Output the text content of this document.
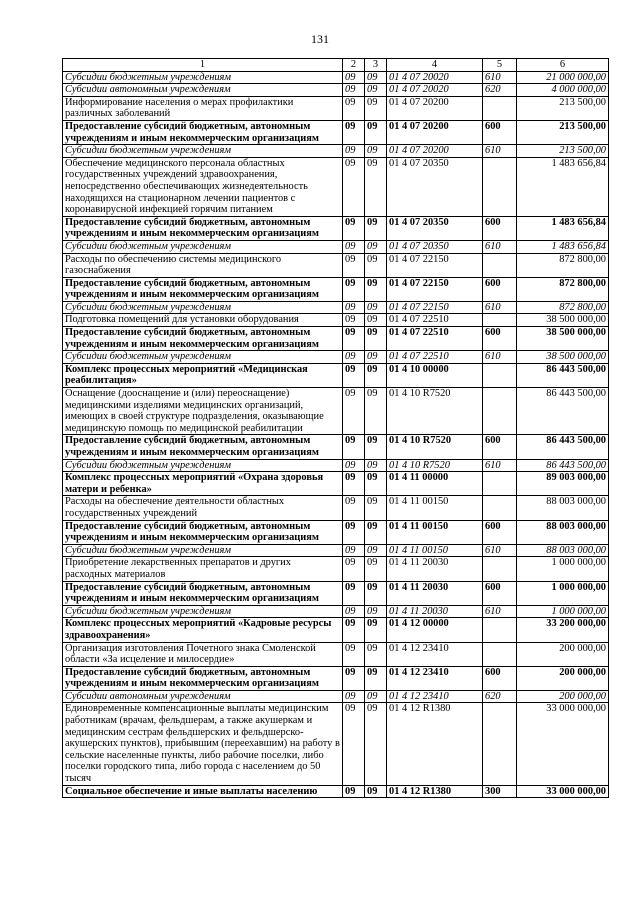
131
1	2	3	4	5	6
Субсидии бюджетным учреждениям	09	09	01 4 07 20020	610	21 000 000,00
Субсидии автономным учреждениям	09	09	01 4 07 20020	620	4 000 000,00
Информирование населения о мерах профилактики различных заболеваний	09	09	01 4 07 20200		213 500,00
Предоставление субсидий бюджетным, автономным учреждениям и иным некоммерческим организациям	09	09	01 4 07 20200	600	213 500,00
Субсидии бюджетным учреждениям	09	09	01 4 07 20200	610	213 500,00
Обеспечение медицинского персонала областных государственных учреждений здравоохранения, непосредственно обеспечивающих жизнедеятельность находящихся на стационарном лечении пациентов с коронавирусной инфекцией горячим питанием	09	09	01 4 07 20350		1 483 656,84
Предоставление субсидий бюджетным, автономным учреждениям и иным некоммерческим организациям	09	09	01 4 07 20350	600	1 483 656,84
Субсидии бюджетным учреждениям	09	09	01 4 07 20350	610	1 483 656,84
Расходы по обеспечению системы медицинского газоснабжения	09	09	01 4 07 22150		872 800,00
Предоставление субсидий бюджетным, автономным учреждениям и иным некоммерческим организациям	09	09	01 4 07 22150	600	872 800,00
Субсидии бюджетным учреждениям	09	09	01 4 07 22150	610	872 800,00
Подготовка помещений для установки оборудования	09	09	01 4 07 22510		38 500 000,00
Предоставление субсидий бюджетным, автономным учреждениям и иным некоммерческим организациям	09	09	01 4 07 22510	600	38 500 000,00
Субсидии бюджетным учреждениям	09	09	01 4 07 22510	610	38 500 000,00
Комплекс процессных мероприятий «Медицинская реабилитация»	09	09	01 4 10 00000		86 443 500,00
Оснащение (дооснащение и (или) переоснащение) медицинскими изделиями медицинских организаций, имеющих в своей структуре подразделения, оказывающие медицинскую помощь по медицинской реабилитации	09	09	01 4 10 R7520		86 443 500,00
Предоставление субсидий бюджетным, автономным учреждениям и иным некоммерческим организациям	09	09	01 4 10 R7520	600	86 443 500,00
Субсидии бюджетным учреждениям	09	09	01 4 10 R7520	610	86 443 500,00
Комплекс процессных мероприятий «Охрана здоровья матери и ребенка»	09	09	01 4 11 00000		89 003 000,00
Расходы на обеспечение деятельности областных государственных учреждений	09	09	01 4 11 00150		88 003 000,00
Предоставление субсидий бюджетным, автономным учреждениям и иным некоммерческим организациям	09	09	01 4 11 00150	600	88 003 000,00
Субсидии бюджетным учреждениям	09	09	01 4 11 00150	610	88 003 000,00
Приобретение лекарственных препаратов и других расходных материалов	09	09	01 4 11 20030		1 000 000,00
Предоставление субсидий бюджетным, автономным учреждениям и иным некоммерческим организациям	09	09	01 4 11 20030	600	1 000 000,00
Субсидии бюджетным учреждениям	09	09	01 4 11 20030	610	1 000 000,00
Комплекс процессных мероприятий «Кадровые ресурсы здравоохранения»	09	09	01 4 12 00000		33 200 000,00
Организация изготовления Почетного знака Смоленской области «За исцеление и милосердие»	09	09	01 4 12 23410		200 000,00
Предоставление субсидий бюджетным, автономным учреждениям и иным некоммерческим организациям	09	09	01 4 12 23410	600	200 000,00
Субсидии автономным учреждениям	09	09	01 4 12 23410	620	200 000,00
Единовременные компенсационные выплаты медицинским работникам (врачам, фельдшерам, а также акушеркам и медицинским сестрам фельдшерских и фельдшерско-акушерских пунктов), прибывшим (переехавшим) на работу в сельские населенные пункты, либо рабочие поселки, либо поселки городского типа, либо города с населением до 50 тысяч	09	09	01 4 12 R1380		33 000 000,00
Социальное обеспечение и иные выплаты населению	09	09	01 4 12 R1380	300	33 000 000,00
